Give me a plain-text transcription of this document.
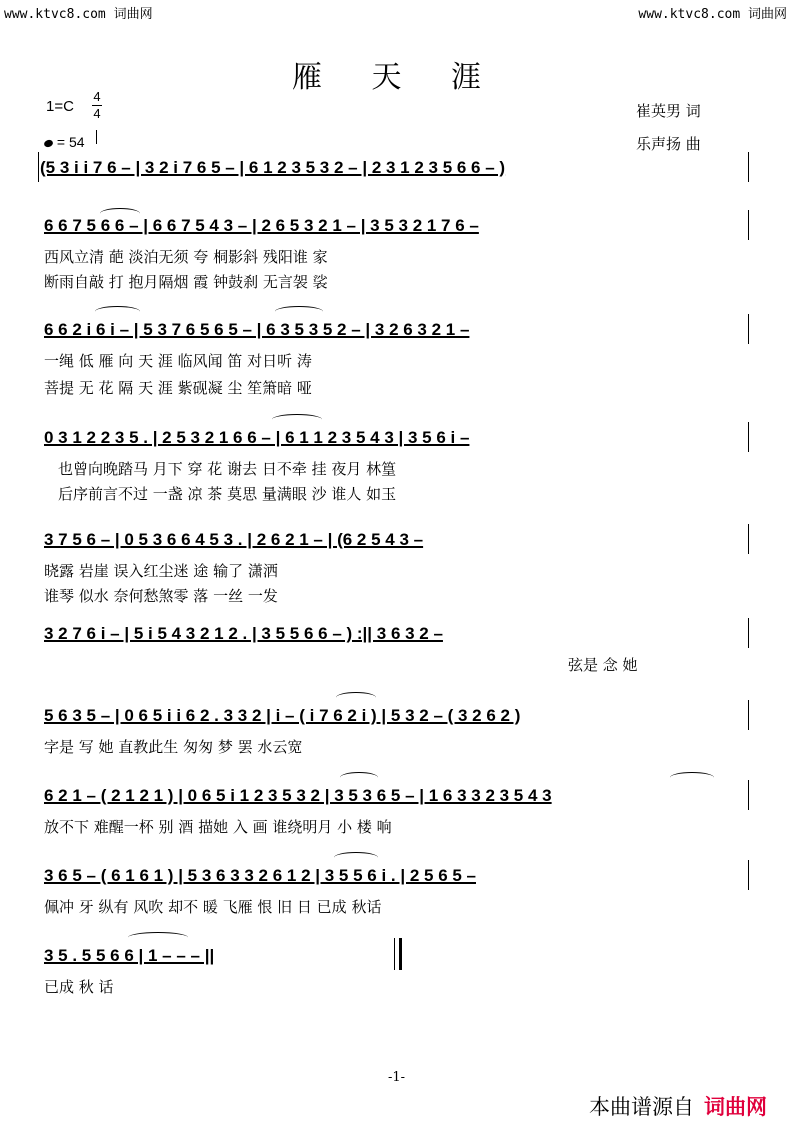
www.ktvc8.com 词曲网	www.ktvc8.com 词曲网
雁 天 涯
1=C
4
4
= 54
崔英男 词
乐声扬 曲
(5 3 i i 7 6 – | 3 2 i 7 6 5 – | 6 1 2 3 5 3 2 – | 2 3 1 2 3 5 6 6 – )
6 6 7 5 6 6 – | 6 6 7 5 4 3 – | 2 6 5 3 2 1 – | 3 5 3 2 1 7 6 –
西风立清 葩 淡泊无须 夸 桐影斜 残阳谁 家
断雨自敲 打 抱月隔烟 霞 钟鼓刹 无言袈 裟
6 6 2 i 6 i – | 5 3 7 6 5 6 5 – | 6 3 5 3 5 2 – | 3 2 6 3 2 1 –
一绳 低 雁 向 天 涯 临风闻 笛 对日听 涛
菩提 无 花 隔 天 涯 紫砚凝 尘 笙箫暗 哑
0 3 1 2 2 3 5 . | 2 5 3 2 1 6 6 – | 6 1 1 2 3 5 4 3 | 3 5 6 i –
也曾向晚踏马 月下 穿 花 谢去 日不牵 挂 夜月 林篁
后序前言不过 一盏 凉 茶 莫思 量满眼 沙 谁人 如玉
3 7 5 6 – | 0 5 3 6 6 4 5 3 . | 2 6 2 1 – | (6 2 5 4 3 –
晓露 岩崖 误入红尘迷 途 输了 潇洒
谁琴 似水 奈何愁煞零 落 一丝 一发
3 2 7 6 i – | 5 i 5 4 3 2 1 2 . | 3 5 5 6 6 – ) :|| 3 6 3 2 –
弦是 念 她
5 6 3 5 – | 0 6 5 i i 6 2 . 3 3 2 | i – ( i 7 6 2 i ) | 5 3 2 – ( 3 2 6 2 )
字是 写 她 直教此生 匆匆 梦 罢 水云宽
6 2 1 – ( 2 1 2 1 ) | 0 6 5 i 1 2 3 5 3 2 | 3 5 3 6 5 – | 1 6 3 3 2 3 5 4 3
放不下 难醒一杯 别 酒 描她 入 画 谁绕明月 小 楼 响
3 6 5 – ( 6 1 6 1 ) | 5 3 6 3 3 2 6 1 2 | 3 5 5 6 i . | 2 5 6 5 –
佩冲 牙 纵有 风吹 却不 暖 飞雁 恨 旧 日 已成 秋话
3 5 . 5 5 6 6 | 1 – – – ||
已成 秋 话
-1-
本曲谱源自 词曲网
